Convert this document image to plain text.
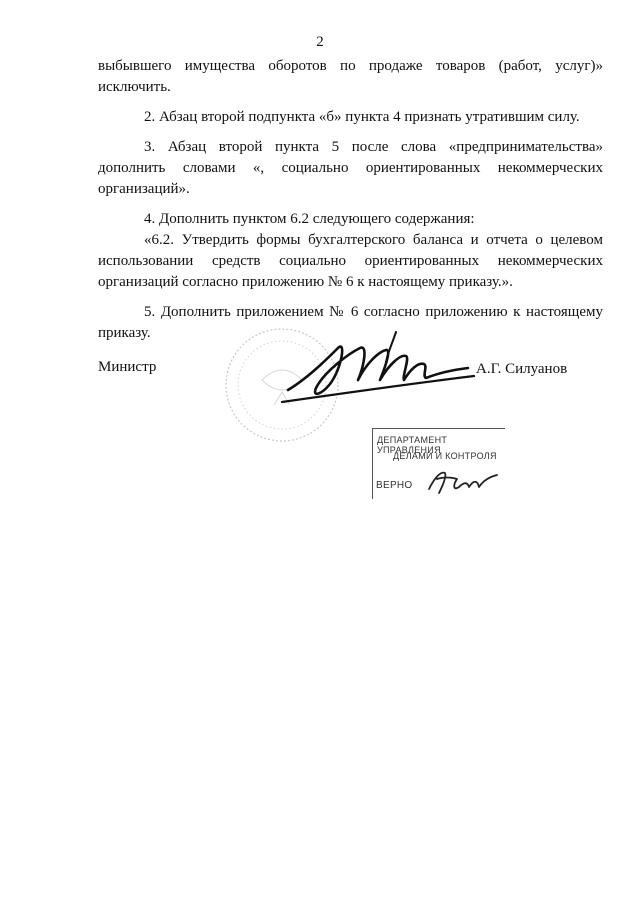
2

выбывшего имущества оборотов по продаже товаров (работ, услуг)» исключить.

2. Абзац второй подпункта «б» пункта 4 признать утратившим силу.

3. Абзац второй пункта 5 после слова «предпринимательства» дополнить словами «, социально ориентированных некоммерческих организаций».

4. Дополнить пунктом 6.2 следующего содержания:

«6.2. Утвердить формы бухгалтерского баланса и отчета о целевом использовании средств социально ориентированных некоммерческих организаций согласно приложению № 6 к настоящему приказу.».

5. Дополнить приложением № 6 согласно приложению к настоящему приказу.

Министр	А.Г. Силуанов
ДЕПАРТАМЕНТ УПРАВЛЕНИЯ
ДЕЛАМИ И КОНТРОЛЯ
ВЕРНО
